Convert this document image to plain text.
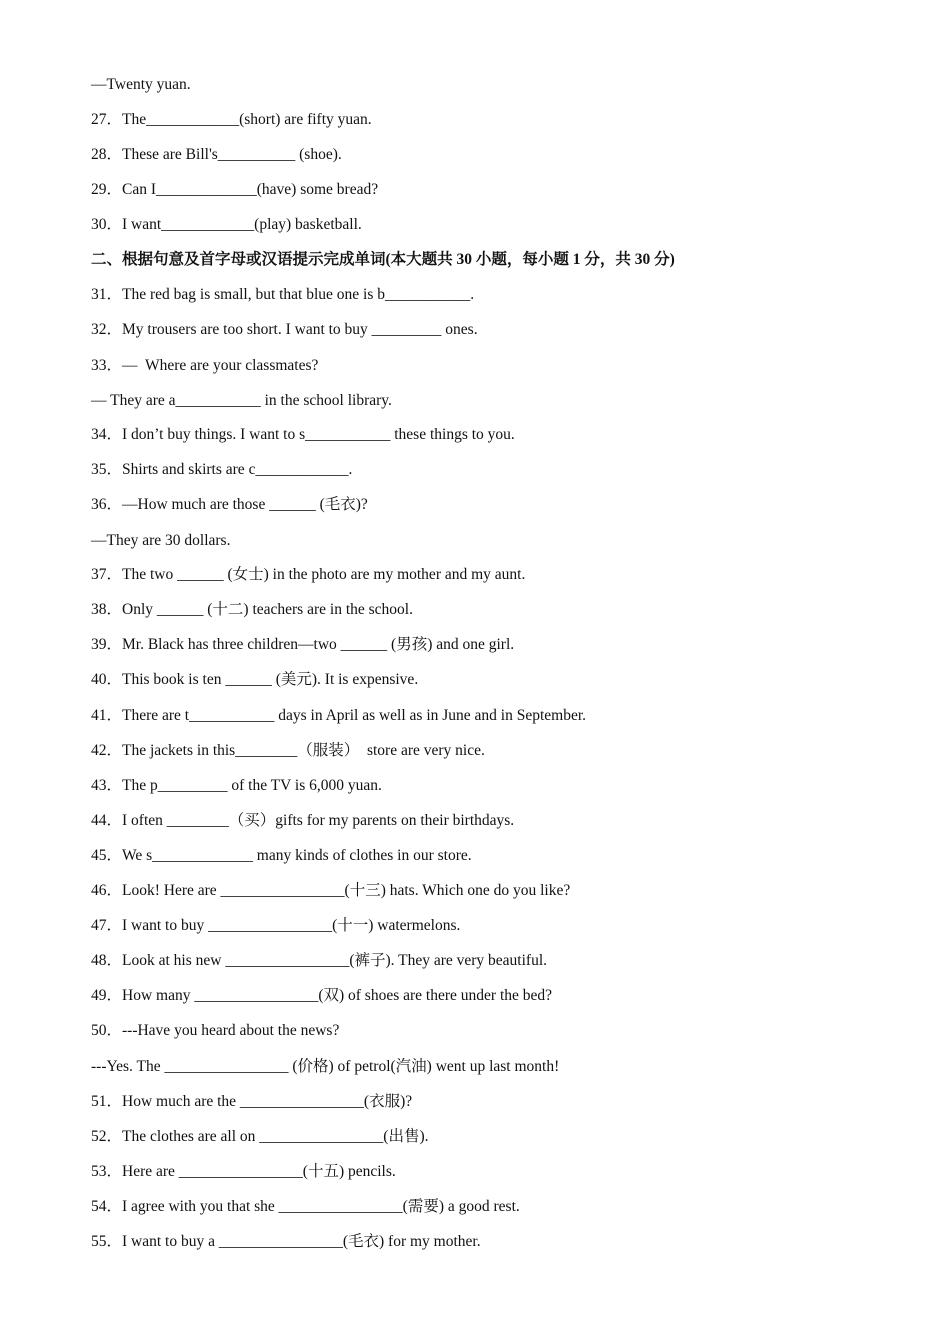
—Twenty yuan.
27．The____________(short) are fifty yuan.
28．These are Bill's__________ (shoe).
29．Can I_____________(have) some bread?
30．I want____________(play) basketball.
二、根据句意及首字母或汉语提示完成单词(本大题共 30 小题，每小题 1 分，共 30 分)
31．The red bag is small, but that blue one is b___________.
32．My trousers are too short. I want to buy _________ ones.
33．—  Where are your classmates?
— They are a___________ in the school library.
34．I don’t buy things. I want to s___________ these things to you.
35．Shirts and skirts are c____________.
36．—How much are those ______ (毛衣)?
—They are 30 dollars.
37．The two ______ (女士) in the photo are my mother and my aunt.
38．Only ______ (十二) teachers are in the school.
39．Mr. Black has three children—two ______ (男孩) and one girl.
40．This book is ten ______ (美元). It is expensive.
41．There are t___________ days in April as well as in June and in September.
42．The jackets in this________（服装）  store are very nice.
43．The p_________ of the TV is 6,000 yuan.
44．I often ________（买）gifts for my parents on their birthdays.
45．We s_____________ many kinds of clothes in our store.
46．Look! Here are ________________(十三) hats. Which one do you like?
47．I want to buy ________________(十一) watermelons.
48．Look at his new ________________(裤子). They are very beautiful.
49．How many ________________(双) of shoes are there under the bed?
50．---Have you heard about the news?
---Yes. The ________________ (价格) of petrol(汽油) went up last month!
51．How much are the ________________(衣服)?
52．The clothes are all on ________________(出售).
53．Here are ________________(十五) pencils.
54．I agree with you that she ________________(需要) a good rest.
55．I want to buy a ________________(毛衣) for my mother.
